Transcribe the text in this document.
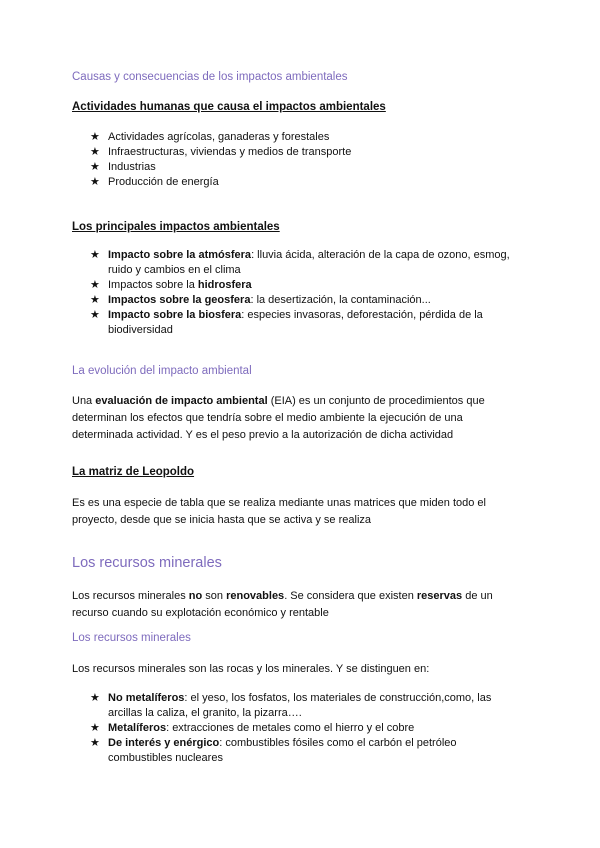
Causas y consecuencias de los impactos ambientales
Actividades humanas que causa el impactos ambientales
★ Actividades agrícolas, ganaderas y forestales
★ Infraestructuras, viviendas y medios de transporte
★ Industrias
★ Producción de energía
Los principales impactos ambientales
★ Impacto sobre la atmósfera: lluvia ácida, alteración de la capa de ozono, esmog, ruido y cambios en el clima
★ Impactos sobre la hidrosfera
★ Impactos sobre la geosfera: la desertización, la contaminación...
★ Impacto sobre la biosfera: especies invasoras, deforestación, pérdida de la biodiversidad
La evolución del impacto ambiental
Una evaluación de impacto ambiental (EIA) es un conjunto de procedimientos que determinan los efectos que tendría sobre el medio ambiente la ejecución de una determinada actividad. Y es el peso previo a la autorización de dicha actividad
La matriz de Leopoldo
Es es una especie de tabla que se realiza mediante unas matrices que miden todo el proyecto, desde que se inicia hasta que se activa y se realiza
Los recursos minerales
Los recursos minerales no son renovables. Se considera que existen reservas de un recurso cuando su explotación económico y rentable
Los recursos minerales
Los recursos minerales son las rocas y los minerales. Y se distinguen en:
★ No metalíferos: el yeso, los fosfatos, los materiales de construcción,como, las arcillas la caliza, el granito, la pizarra….
★ Metalíferos: extracciones de metales como el hierro y el cobre
★ De interés y enérgico: combustibles fósiles como el carbón el petróleo combustibles nucleares
